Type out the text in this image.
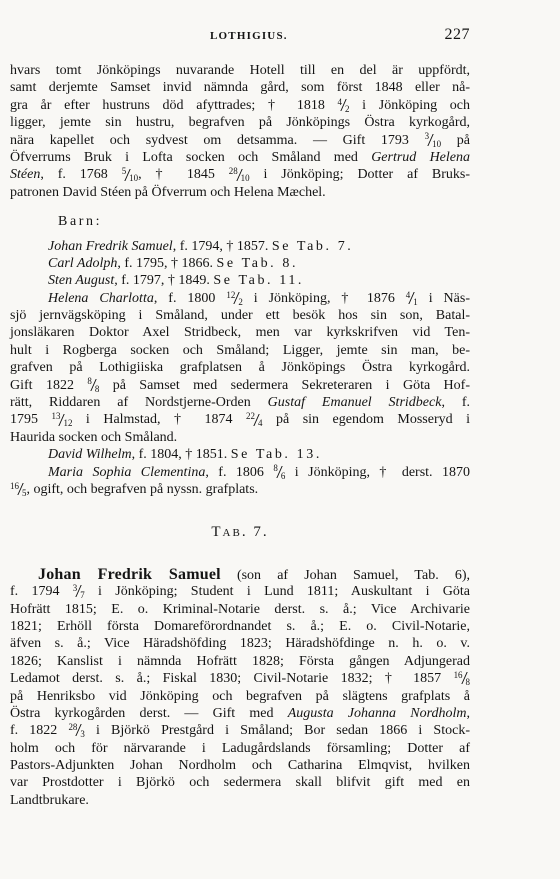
LOTHIGIUS.	227
hvars tomt Jönköpings nuvarande Hotell till en del är uppfördt,
samt derjemte Samset invid nämnda gård, som först 1848 eller nå-
gra år efter hustruns död afyttrades; † 1818 42 i Jönköping och
ligger, jemte sin hustru, begrafven på Jönköpings Östra kyrkogård,
nära kapellet och sydvest om detsamma. — Gift 1793 310 på
Öfverrums Bruk i Lofta socken och Småland med Gertrud Helena
Stéen, f. 1768 510, † 1845 2810 i Jönköping; Dotter af Bruks-
patronen David Stéen på Öfverrum och Helena Mæchel.
Barn:
Johan Fredrik Samuel, f. 1794, † 1857. Se Tab. 7.
Carl Adolph, f. 1795, † 1866. Se Tab. 8.
Sten August, f. 1797, † 1849. Se Tab. 11.
Helena Charlotta, f. 1800 122 i Jönköping, † 1876 41 i Näs-
sjö jernvägsköping i Småland, under ett besök hos sin son, Batal-
jonsläkaren Doktor Axel Stridbeck, men var kyrkskrifven vid Ten-
hult i Rogberga socken och Småland; Ligger, jemte sin man, be-
grafven på Lothigiiska grafplatsen å Jönköpings Östra kyrkogård.
Gift 1822 88 på Samset med sedermera Sekreteraren i Göta Hof-
rätt, Riddaren af Nordstjerne-Orden Gustaf Emanuel Stridbeck, f.
1795 1312 i Halmstad, † 1874 224 på sin egendom Mosseryd i
Haurida socken och Småland.
David Wilhelm, f. 1804, † 1851. Se Tab. 13.
Maria Sophia Clementina, f. 1806 86 i Jönköping, † derst. 1870
165, ogift, och begrafven på nyssn. grafplats.
Tab. 7.
Johan Fredrik Samuel (son af Johan Samuel, Tab. 6),
f. 1794 37 i Jönköping; Student i Lund 1811; Auskultant i Göta
Hofrätt 1815; E. o. Kriminal-Notarie derst. s. å.; Vice Archivarie
1821; Erhöll första Domareförordnandet s. å.; E. o. Civil-Notarie,
äfven s. å.; Vice Häradshöfding 1823; Häradshöfdinge n. h. o. v.
1826; Kanslist i nämnda Hofrätt 1828; Första gången Adjungerad
Ledamot derst. s. å.; Fiskal 1830; Civil-Notarie 1832; † 1857 168
på Henriksbo vid Jönköping och begrafven på slägtens grafplats å
Östra kyrkogården derst. — Gift med Augusta Johanna Nordholm,
f. 1822 283 i Björkö Prestgård i Småland; Bor sedan 1866 i Stock-
holm och för närvarande i Ladugårdslands församling; Dotter af
Pastors-Adjunkten Johan Nordholm och Catharina Elmqvist, hvilken
var Prostdotter i Björkö och sedermera skall blifvit gift med en
Landtbrukare.
